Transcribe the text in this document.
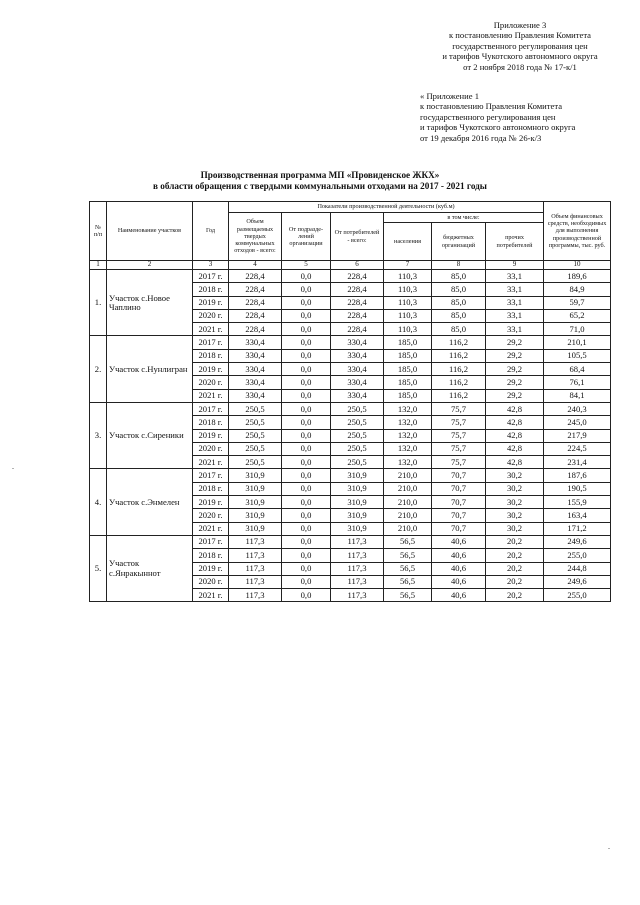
Приложение 3
к постановлению Правления Комитета
государственного регулирования цен
и тарифов Чукотского автономного округа
от 2 ноября 2018 года № 17-к/1
« Приложение 1
к постановлению Правления Комитета
государственного регулирования цен
и тарифов Чукотского автономного округа
от 19 декабря 2016 года № 26-к/3
Производственная программа МП «Провиденское ЖКХ»
в области обращения с твердыми коммунальными отходами на 2017 - 2021 годы
№ п/п	Наименование участков	Год	Показатели производственной деятельности (куб.м)						Объем финансовых средств, необходимых для выполнения производственной программы, тыс. руб.
			Объем размещаемых твердых коммунальных отходов - всего:	От подразде-лений организации	От потребителей - всего:	в том числе:			
						населения	бюджетных организаций	прочих потребителей	
1	2	3	4	5	6	7	8	9	10
1.	Участок с.Новое Чаплино	2017 г.	228,4	0,0	228,4	110,3	85,0	33,1	189,6
		2018 г.	228,4	0,0	228,4	110,3	85,0	33,1	84,9
		2019 г.	228,4	0,0	228,4	110,3	85,0	33,1	59,7
		2020 г.	228,4	0,0	228,4	110,3	85,0	33,1	65,2
		2021 г.	228,4	0,0	228,4	110,3	85,0	33,1	71,0
2.	Участок с.Нунлигран	2017 г.	330,4	0,0	330,4	185,0	116,2	29,2	210,1
		2018 г.	330,4	0,0	330,4	185,0	116,2	29,2	105,5
		2019 г.	330,4	0,0	330,4	185,0	116,2	29,2	68,4
		2020 г.	330,4	0,0	330,4	185,0	116,2	29,2	76,1
		2021 г.	330,4	0,0	330,4	185,0	116,2	29,2	84,1
3.	Участок с.Сиреники	2017 г.	250,5	0,0	250,5	132,0	75,7	42,8	240,3
		2018 г.	250,5	0,0	250,5	132,0	75,7	42,8	245,0
		2019 г.	250,5	0,0	250,5	132,0	75,7	42,8	217,9
		2020 г.	250,5	0,0	250,5	132,0	75,7	42,8	224,5
		2021 г.	250,5	0,0	250,5	132,0	75,7	42,8	231,4
4.	Участок с.Энмелен	2017 г.	310,9	0,0	310,9	210,0	70,7	30,2	187,6
		2018 г.	310,9	0,0	310,9	210,0	70,7	30,2	190,5
		2019 г.	310,9	0,0	310,9	210,0	70,7	30,2	155,9
		2020 г.	310,9	0,0	310,9	210,0	70,7	30,2	163,4
		2021 г.	310,9	0,0	310,9	210,0	70,7	30,2	171,2
5.	Участок с.Янракыннот	2017 г.	117,3	0,0	117,3	56,5	40,6	20,2	249,6
		2018 г.	117,3	0,0	117,3	56,5	40,6	20,2	255,0
		2019 г.	117,3	0,0	117,3	56,5	40,6	20,2	244,8
		2020 г.	117,3	0,0	117,3	56,5	40,6	20,2	249,6
		2021 г.	117,3	0,0	117,3	56,5	40,6	20,2	255,0
.
.
